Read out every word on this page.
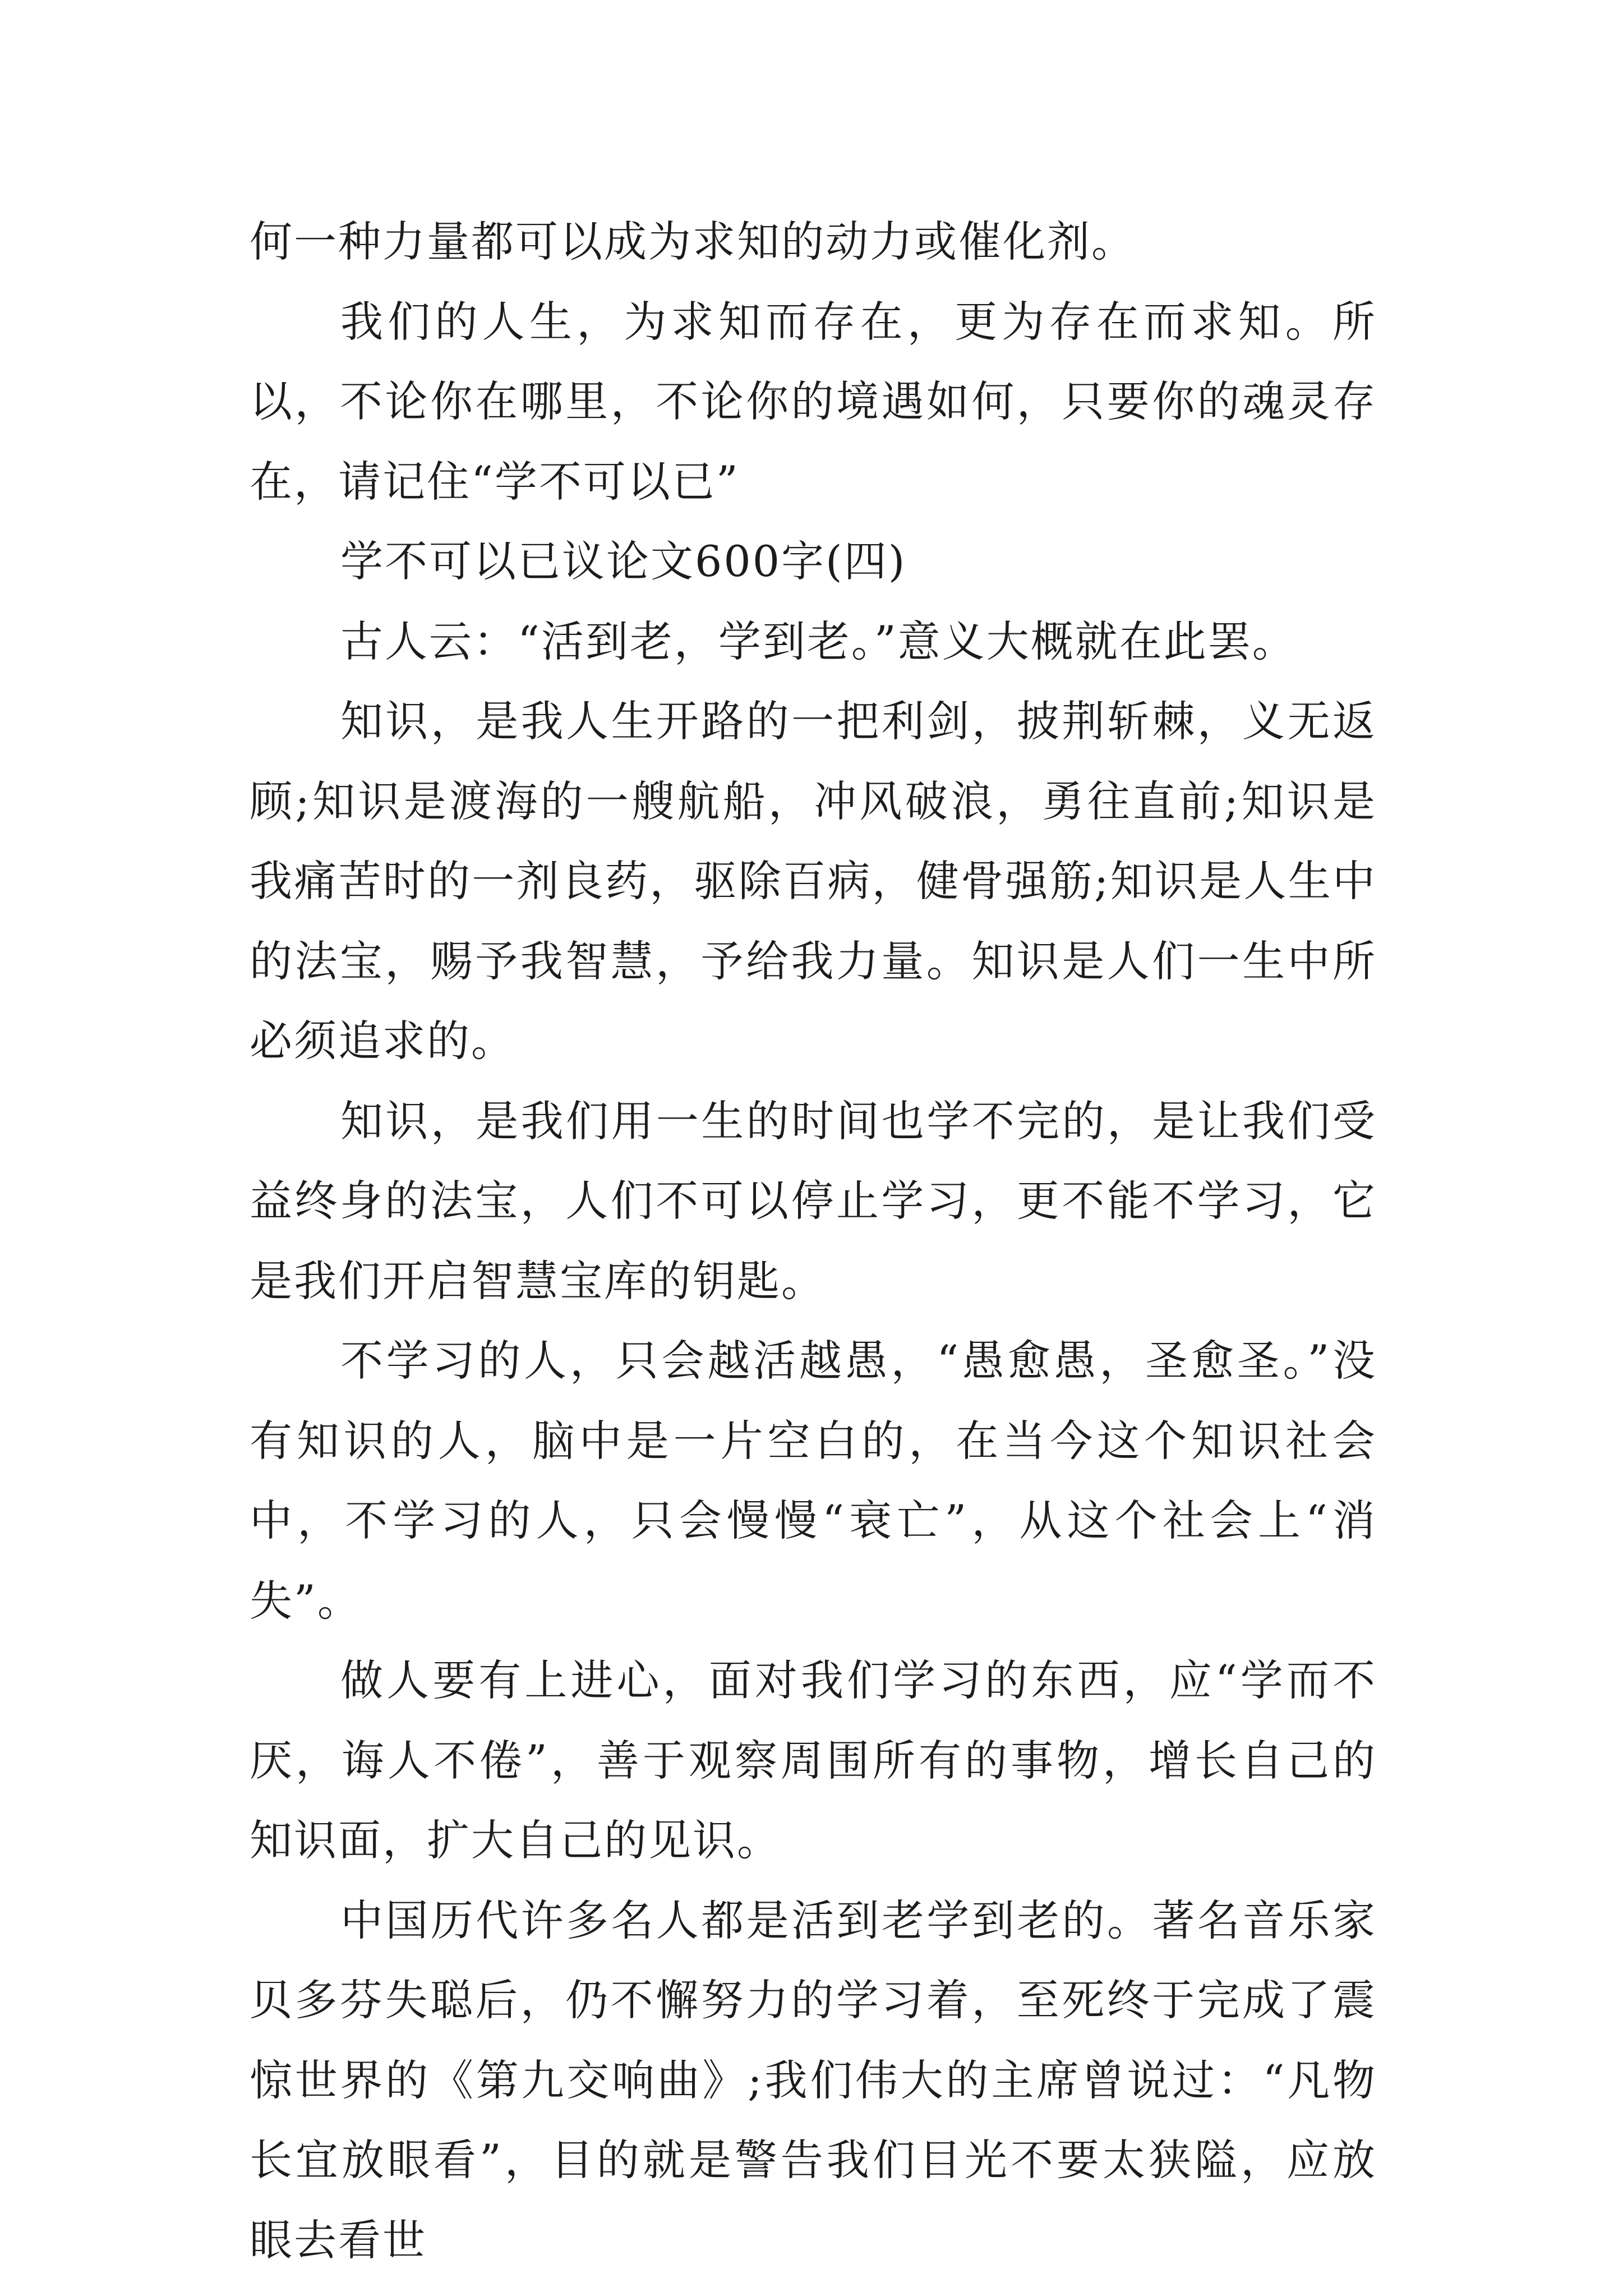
何一种力量都可以成为求知的动力或催化剂。

我们的人生，为求知而存在，更为存在而求知。所以，不论你在哪里，不论你的境遇如何，只要你的魂灵存在，请记住“学不可以已”

学不可以已议论文600字(四)

古人云：“活到老，学到老。”意义大概就在此罢。

知识，是我人生开路的一把利剑，披荆斩棘，义无返顾;知识是渡海的一艘航船，冲风破浪，勇往直前;知识是我痛苦时的一剂良药，驱除百病，健骨强筋;知识是人生中的法宝，赐予我智慧，予给我力量。知识是人们一生中所必须追求的。

知识，是我们用一生的时间也学不完的，是让我们受益终身的法宝，人们不可以停止学习，更不能不学习，它是我们开启智慧宝库的钥匙。

不学习的人，只会越活越愚，“愚愈愚，圣愈圣。”没有知识的人，脑中是一片空白的，在当今这个知识社会中，不学习的人，只会慢慢“衰亡”，从这个社会上“消失”。

做人要有上进心，面对我们学习的东西，应“学而不厌，诲人不倦”，善于观察周围所有的事物，增长自己的知识面，扩大自己的见识。

中国历代许多名人都是活到老学到老的。著名音乐家贝多芬失聪后，仍不懈努力的学习着，至死终于完成了震惊世界的《第九交响曲》;我们伟大的主席曾说过：“凡物长宜放眼看”，目的就是警告我们目光不要太狭隘，应放眼去看世
